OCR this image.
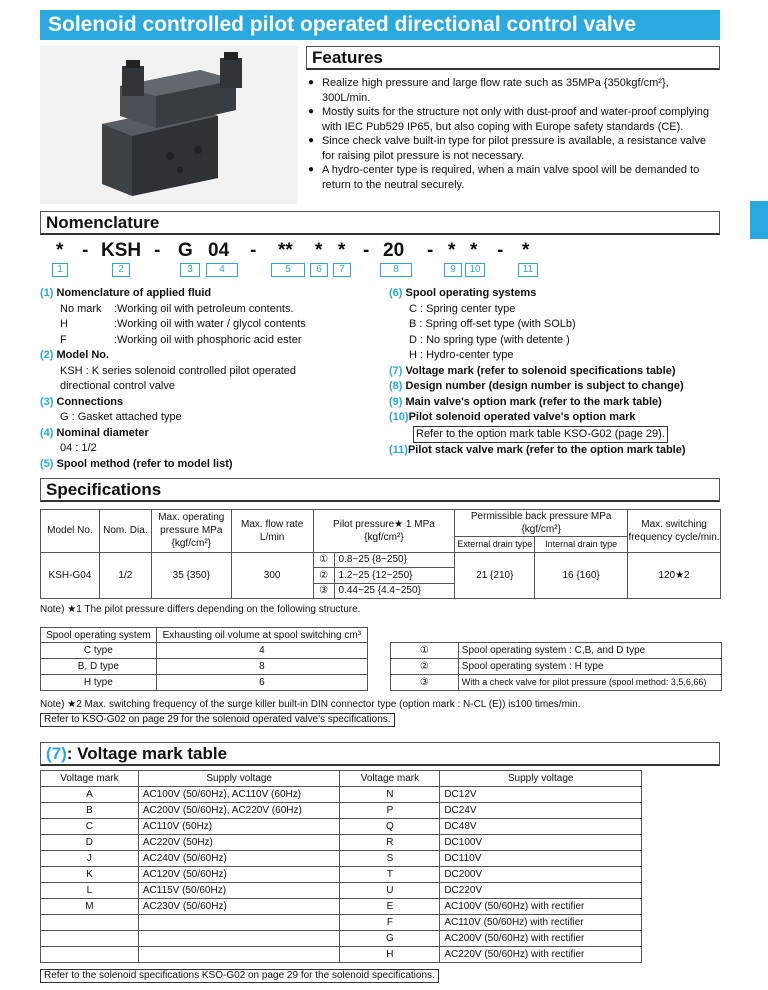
Solenoid controlled pilot operated directional control valve
Features
● Realize high pressure and large flow rate such as 35MPa {350kgf/cm²}, 300L/min.
● Mostly suits for the structure not only with dust-proof and water-proof complying with IEC Pub529 IP65, but also coping with Europe safety standards (CE).
● Since check valve built-in type for pilot pressure is available, a resistance valve for raising pilot pressure is not necessary.
● A hydro-center type is required, when a main valve spool will be demanded to return to the neutral securely.
Nomenclature
* - KSH - G 04 - ** * * - 20 - * * - *
1	2	3	4	5	6	7	8	9	10	11
(1) Nomenclature of applied fluid
No mark	:Working oil with petroleum contents.
H	:Working oil with water / glycol contents
F	:Working oil with phosphoric acid ester
(2) Model No.
KSH : K series solenoid controlled pilot operated
directional control valve
(3) Connections
G : Gasket attached type
(4) Nominal diameter
04 : 1/2
(5) Spool method (refer to model list)
(6) Spool operating systems
C : Spring center type
B : Spring off-set type (with SOLb)
D : No spring type (with detente )
H : Hydro-center type
(7) Voltage mark (refer to solenoid specifications table)
(8) Design number (design number is subject to change)
(9) Main valve's option mark (refer to the mark table)
(10)Pilot solenoid operated valve's option mark
Refer to the option mark table KSO-G02 (page 29).
(11)Pilot stack valve mark (refer to the option mark table)
Specifications
Model No.	Nom. Dia.	Max. operating pressure MPa {kgf/cm²}	Max. flow rate L/min	Pilot pressure★ 1 MPa {kgf/cm²}		Permissible back pressure MPa {kgf/cm²}		Max. switching frequency cycle/min.
						External drain type	Internal drain type	
KSH-G04	1/2	35 {350}	300	①	0.8~25 {8~250}	21 {210}	16 {160}	120★2
				②	1.2~25 {12~250}			
				③	0.44~25 {4.4~250}			
Note) ★1 The pilot pressure differs depending on the following structure.
Spool operating system	Exhausting oil volume at spool switching cm³
C type	4
B, D type	8
H type	6
①	Spool operating system : C,B, and D type
②	Spool operating system : H type
③	With a check valve for pilot pressure (spool method: 3,5,6,66)
Note) ★2 Max. switching frequency of the surge killer built-in DIN connector type (option mark : N-CL (E)) is100 times/min.
Refer to KSO-G02 on page 29 for the solenoid operated valve's specifications.
(7): Voltage mark table
Voltage mark	Supply voltage	Voltage mark	Supply voltage
A	AC100V (50/60Hz), AC110V (60Hz)	N	DC12V
B	AC200V (50/60Hz), AC220V (60Hz)	P	DC24V
C	AC110V (50Hz)	Q	DC48V
D	AC220V (50Hz)	R	DC100V
J	AC240V (50/60Hz)	S	DC110V
K	AC120V (50/60Hz)	T	DC200V
L	AC115V (50/60Hz)	U	DC220V
M	AC230V (50/60Hz)	E	AC100V (50/60Hz) with rectifier
		F	AC110V (50/60Hz) with rectifier
		G	AC200V (50/60Hz) with rectifier
		H	AC220V (50/60Hz) with rectifier
Refer to the solenoid specifications KSO-G02 on page 29 for the solenoid specifications.
